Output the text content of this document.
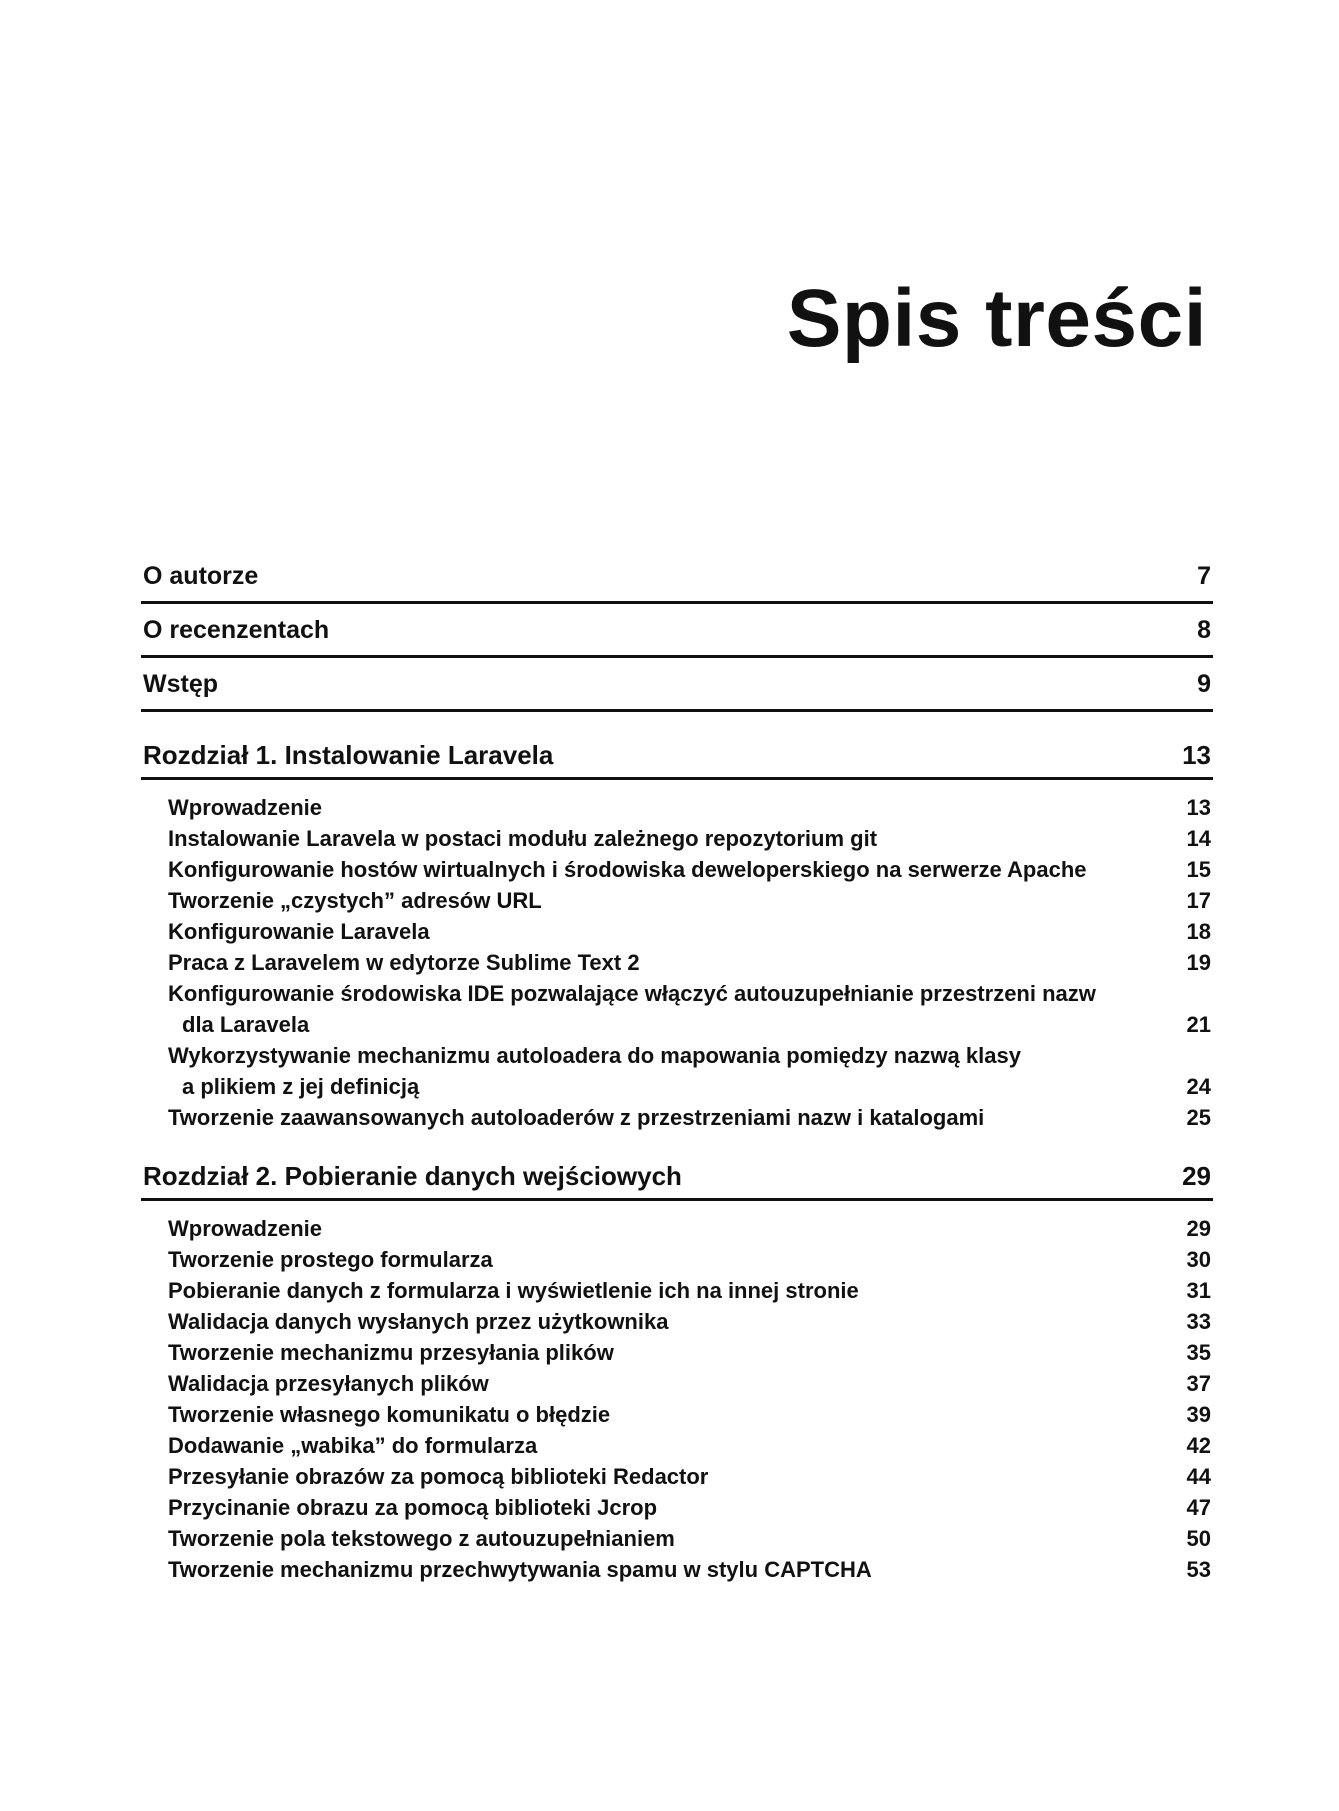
Spis treści
O autorze	7
O recenzentach	8
Wstęp	9
Rozdział 1. Instalowanie Laravela	13
Wprowadzenie	13
Instalowanie Laravela w postaci modułu zależnego repozytorium git	14
Konfigurowanie hostów wirtualnych i środowiska deweloperskiego na serwerze Apache	15
Tworzenie „czystych” adresów URL	17
Konfigurowanie Laravela	18
Praca z Laravelem w edytorze Sublime Text 2	19
Konfigurowanie środowiska IDE pozwalające włączyć autouzupełnianie przestrzeni nazw
dla Laravela	21
Wykorzystywanie mechanizmu autoloadera do mapowania pomiędzy nazwą klasy
a plikiem z jej definicją	24
Tworzenie zaawansowanych autoloaderów z przestrzeniami nazw i katalogami	25
Rozdział 2. Pobieranie danych wejściowych	29
Wprowadzenie	29
Tworzenie prostego formularza	30
Pobieranie danych z formularza i wyświetlenie ich na innej stronie	31
Walidacja danych wysłanych przez użytkownika	33
Tworzenie mechanizmu przesyłania plików	35
Walidacja przesyłanych plików	37
Tworzenie własnego komunikatu o błędzie	39
Dodawanie „wabika” do formularza	42
Przesyłanie obrazów za pomocą biblioteki Redactor	44
Przycinanie obrazu za pomocą biblioteki Jcrop	47
Tworzenie pola tekstowego z autouzupełnianiem	50
Tworzenie mechanizmu przechwytywania spamu w stylu CAPTCHA	53
